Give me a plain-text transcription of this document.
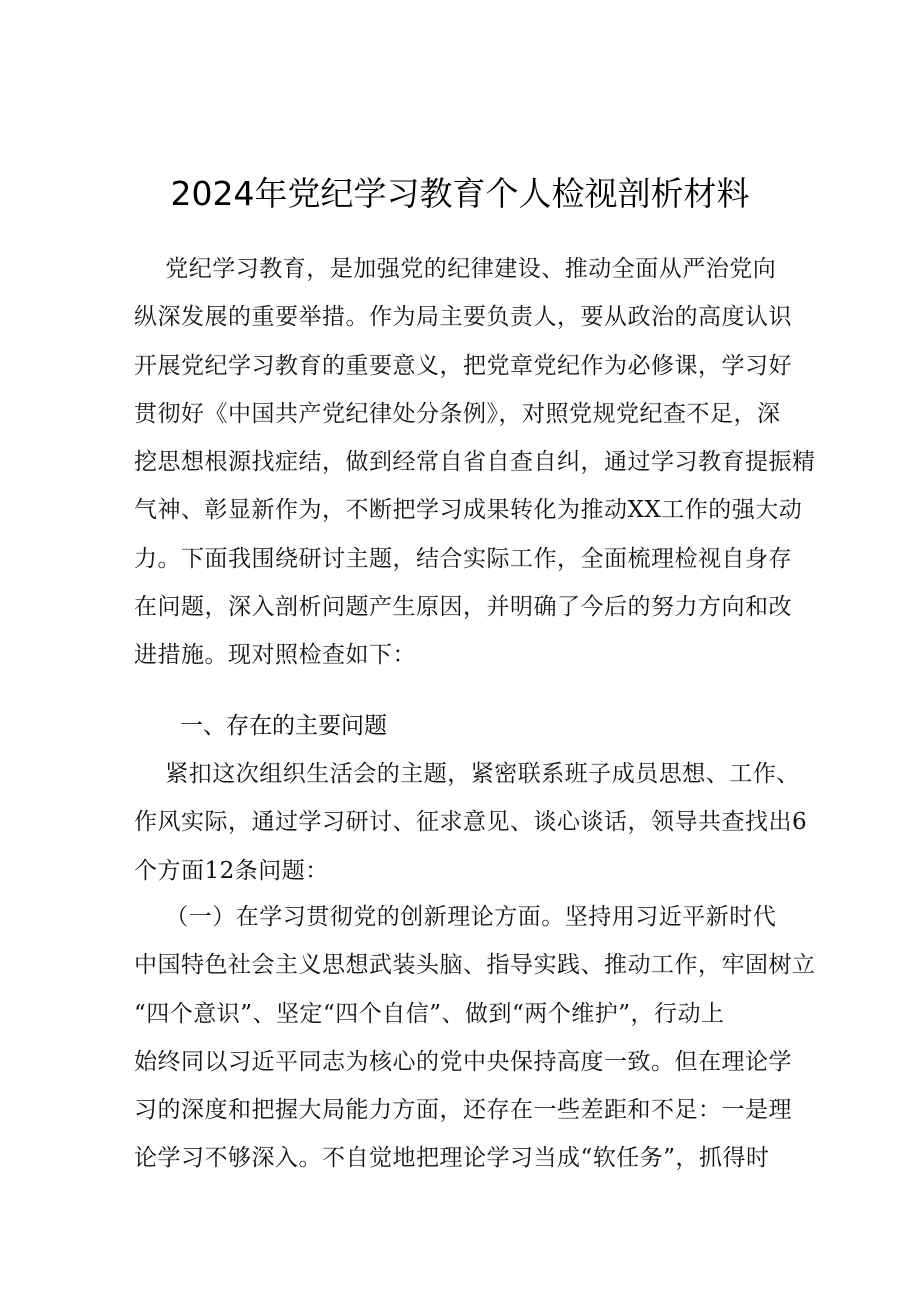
2024年党纪学习教育个人检视剖析材料
党纪学习教育，是加强党的纪律建设、推动全面从严治党向
纵深发展的重要举措。作为局主要负责人，要从政治的高度认识
开展党纪学习教育的重要意义，把党章党纪作为必修课，学习好
贯彻好《中国共产党纪律处分条例》，对照党规党纪查不足，深
挖思想根源找症结，做到经常自省自查自纠，通过学习教育提振精
气神、彰显新作为，不断把学习成果转化为推动XX工作的强大动
力。下面我围绕研讨主题，结合实际工作，全面梳理检视自身存
在问题，深入剖析问题产生原因，并明确了今后的努力方向和改
进措施。现对照检查如下：
一、存在的主要问题
紧扣这次组织生活会的主题，紧密联系班子成员思想、工作、
作风实际，通过学习研讨、征求意见、谈心谈话，领导共查找出6
个方面12条问题：
（一）在学习贯彻党的创新理论方面。坚持用习近平新时代
中国特色社会主义思想武装头脑、指导实践、推动工作，牢固树立
“四个意识”、坚定“四个自信”、做到“两个维护”，行动上
始终同以习近平同志为核心的党中央保持高度一致。但在理论学
习的深度和把握大局能力方面，还存在一些差距和不足：一是理
论学习不够深入。不自觉地把理论学习当成“软任务”，抓得时
